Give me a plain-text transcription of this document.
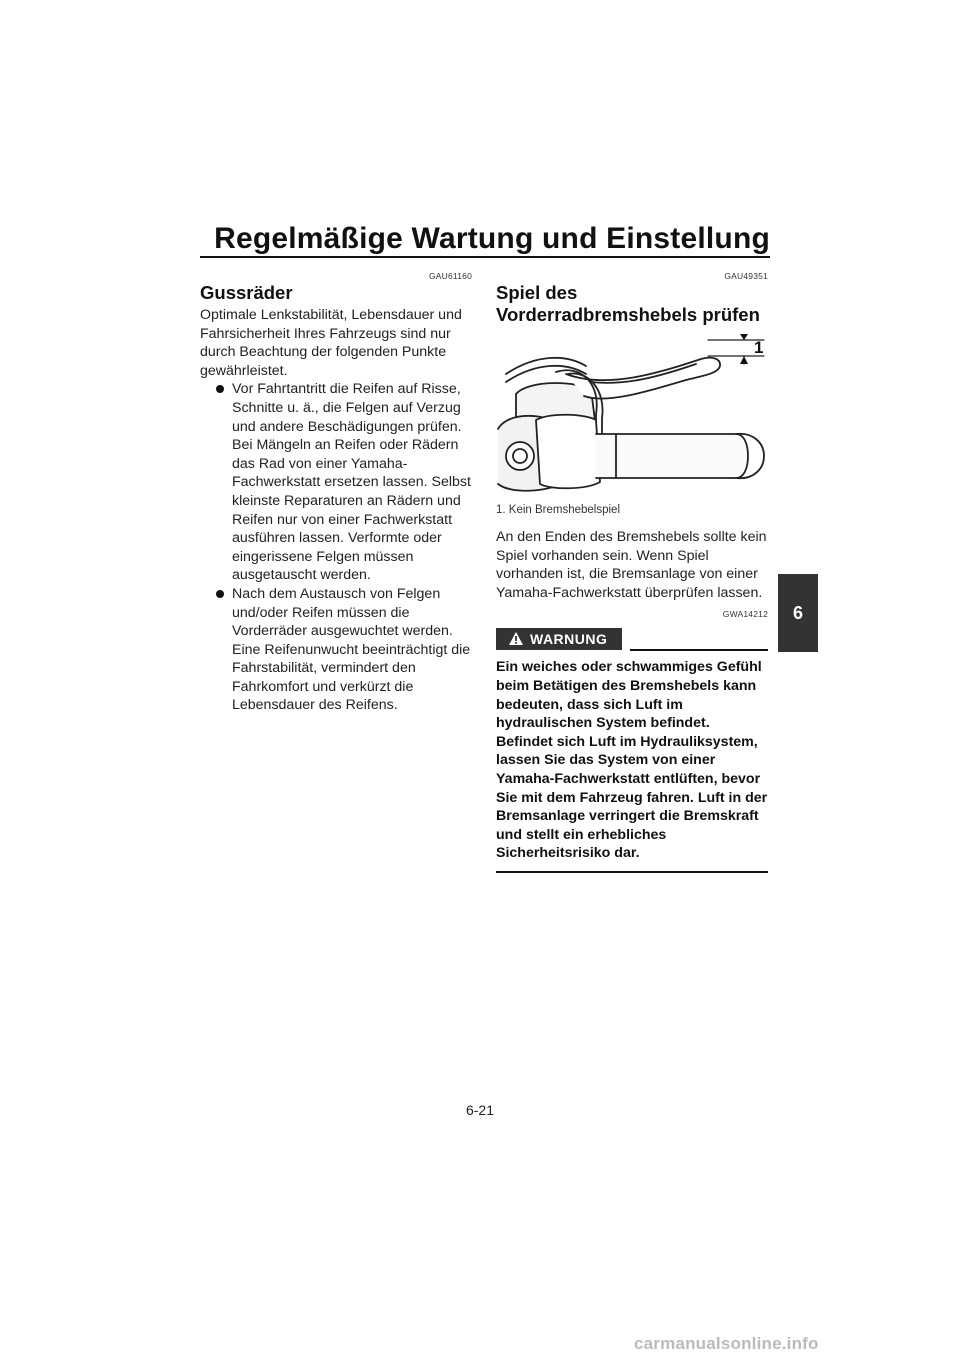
Regelmäßige Wartung und Einstellung
GAU61160
Gussräder

Optimale Lenkstabilität, Lebensdauer und Fahrsicherheit Ihres Fahrzeugs sind nur durch Beachtung der folgenden Punkte gewährleistet.

Vor Fahrtantritt die Reifen auf Risse, Schnitte u. ä., die Felgen auf Verzug und andere Beschädigungen prüfen. Bei Mängeln an Reifen oder Rädern das Rad von einer Yamaha-Fachwerkstatt ersetzen lassen. Selbst kleinste Reparaturen an Rädern und Reifen nur von einer Fachwerkstatt ausführen lassen. Verformte oder eingerissene Felgen müssen ausgetauscht werden.
Nach dem Austausch von Felgen und/oder Reifen müssen die Vorderräder ausgewuchtet werden. Eine Reifenunwucht beeinträchtigt die Fahrstabilität, vermindert den Fahrkomfort und verkürzt die Lebensdauer des Reifens.
GAU49351
Spiel des Vorderradbremshebels prüfen
1
1. Kein Bremshebelspiel

An den Enden des Bremshebels sollte kein Spiel vorhanden sein. Wenn Spiel vorhanden ist, die Bremsanlage von einer Yamaha-Fachwerkstatt überprüfen lassen.

GWA14212
WARNUNG

Ein weiches oder schwammiges Gefühl beim Betätigen des Bremshebels kann bedeuten, dass sich Luft im hydraulischen System befindet. Befindet sich Luft im Hydrauliksystem, lassen Sie das System von einer Yamaha-Fachwerkstatt entlüften, bevor Sie mit dem Fahrzeug fahren. Luft in der Bremsanlage verringert die Bremskraft und stellt ein erhebliches Sicherheitsrisiko dar.

6
6-21
carmanualsonline.info
